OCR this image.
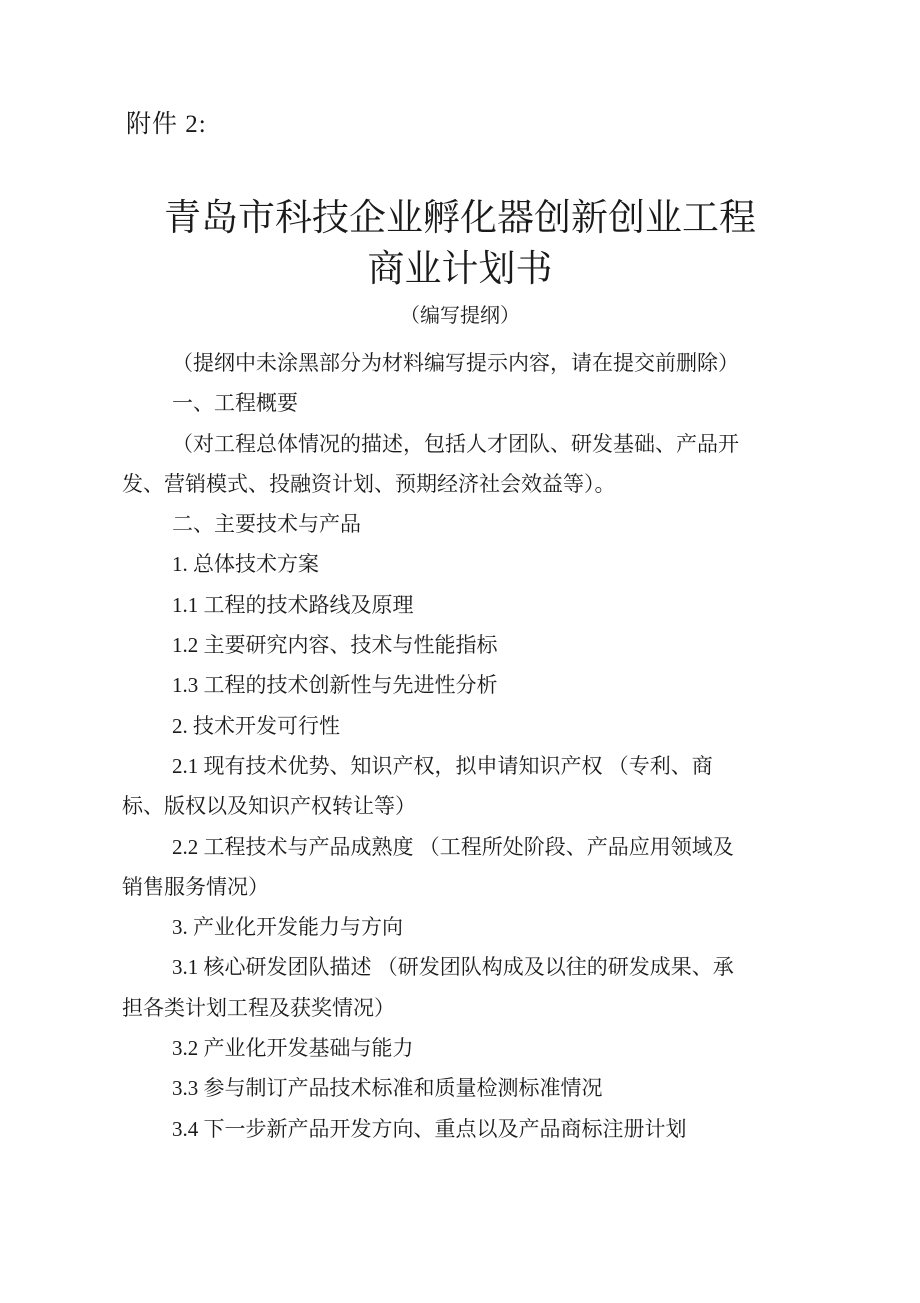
附件 2:
青岛市科技企业孵化器创新创业工程
商业计划书
（编写提纲）
（提纲中未涂黑部分为材料编写提示内容，请在提交前删除）
一、工程概要
（对工程总体情况的描述，包括人才团队、研发基础、产品开
发、营销模式、投融资计划、预期经济社会效益等）。
二、主要技术与产品
1. 总体技术方案
1.1 工程的技术路线及原理
1.2 主要研究内容、技术与性能指标
1.3 工程的技术创新性与先进性分析
2. 技术开发可行性
2.1 现有技术优势、知识产权，拟申请知识产权 （专利、商
标、版权以及知识产权转让等）
2.2 工程技术与产品成熟度 （工程所处阶段、产品应用领域及
销售服务情况）
3. 产业化开发能力与方向
3.1 核心研发团队描述 （研发团队构成及以往的研发成果、承
担各类计划工程及获奖情况）
3.2 产业化开发基础与能力
3.3 参与制订产品技术标准和质量检测标准情况
3.4 下一步新产品开发方向、重点以及产品商标注册计划
